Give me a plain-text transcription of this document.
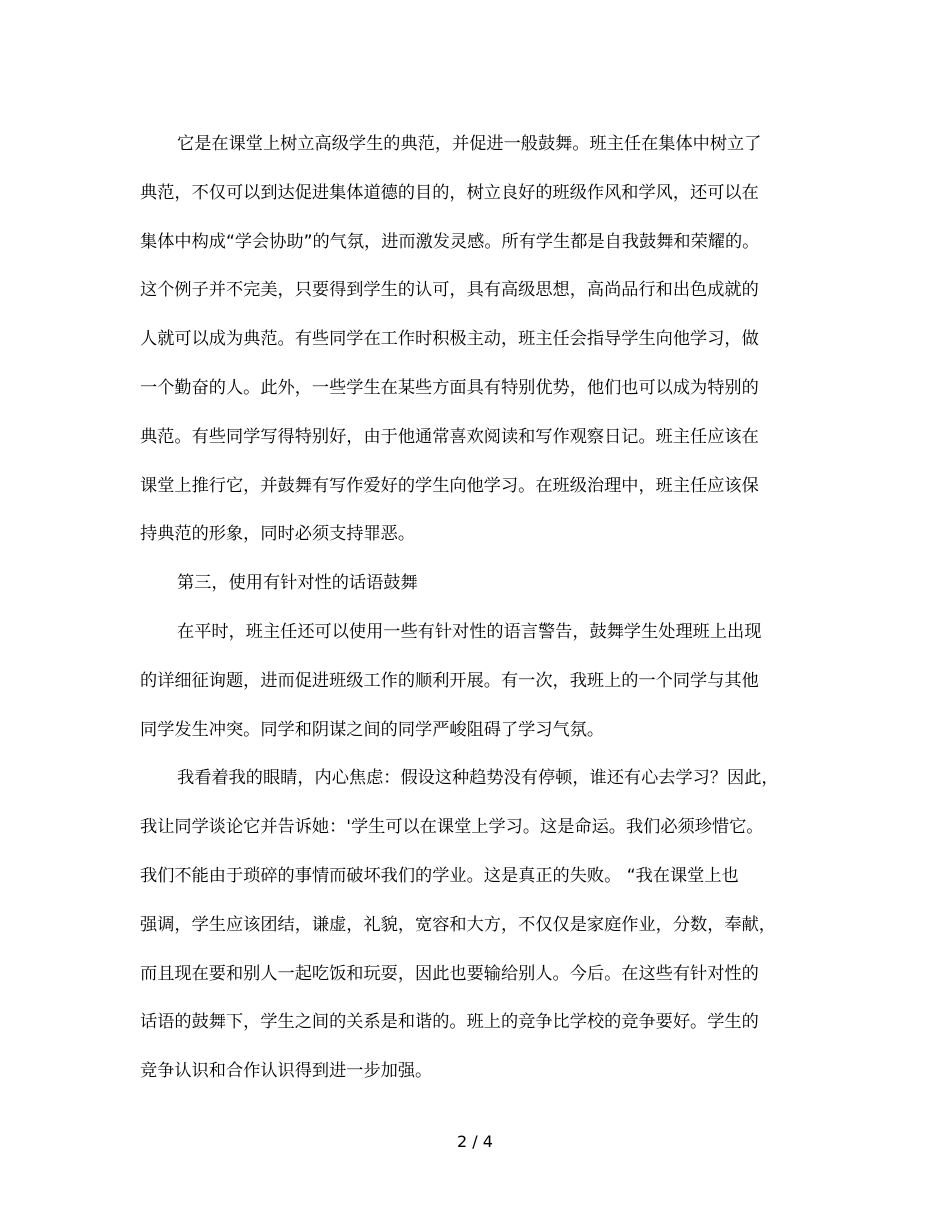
它是在课堂上树立高级学生的典范，并促进一般鼓舞。班主任在集体中树立了
典范，不仅可以到达促进集体道德的目的，树立良好的班级作风和学风，还可以在
集体中构成“学会协助”的气氛，进而激发灵感。所有学生都是自我鼓舞和荣耀的。
这个例子并不完美，只要得到学生的认可，具有高级思想，高尚品行和出色成就的
人就可以成为典范。有些同学在工作时积极主动，班主任会指导学生向他学习，做
一个勤奋的人。此外，一些学生在某些方面具有特别优势，他们也可以成为特别的
典范。有些同学写得特别好，由于他通常喜欢阅读和写作观察日记。班主任应该在
课堂上推行它，并鼓舞有写作爱好的学生向他学习。在班级治理中，班主任应该保
持典范的形象，同时必须支持罪恶。
第三，使用有针对性的话语鼓舞
在平时，班主任还可以使用一些有针对性的语言警告，鼓舞学生处理班上出现
的详细征询题，进而促进班级工作的顺利开展。有一次，我班上的一个同学与其他
同学发生冲突。同学和阴谋之间的同学严峻阻碍了学习气氛。
我看着我的眼睛，内心焦虑：假设这种趋势没有停顿，谁还有心去学习？因此，
我让同学谈论它并告诉她：'学生可以在课堂上学习。这是命运。我们必须珍惜它。
我们不能由于琐碎的事情而破坏我们的学业。这是真正的失败。 “我在课堂上也
强调，学生应该团结，谦虚，礼貌，宽容和大方，不仅仅是家庭作业，分数，奉献，
而且现在要和别人一起吃饭和玩耍，因此也要输给别人。今后。在这些有针对性的
话语的鼓舞下，学生之间的关系是和谐的。班上的竞争比学校的竞争要好。学生的
竞争认识和合作认识得到进一步加强。
2 / 4
